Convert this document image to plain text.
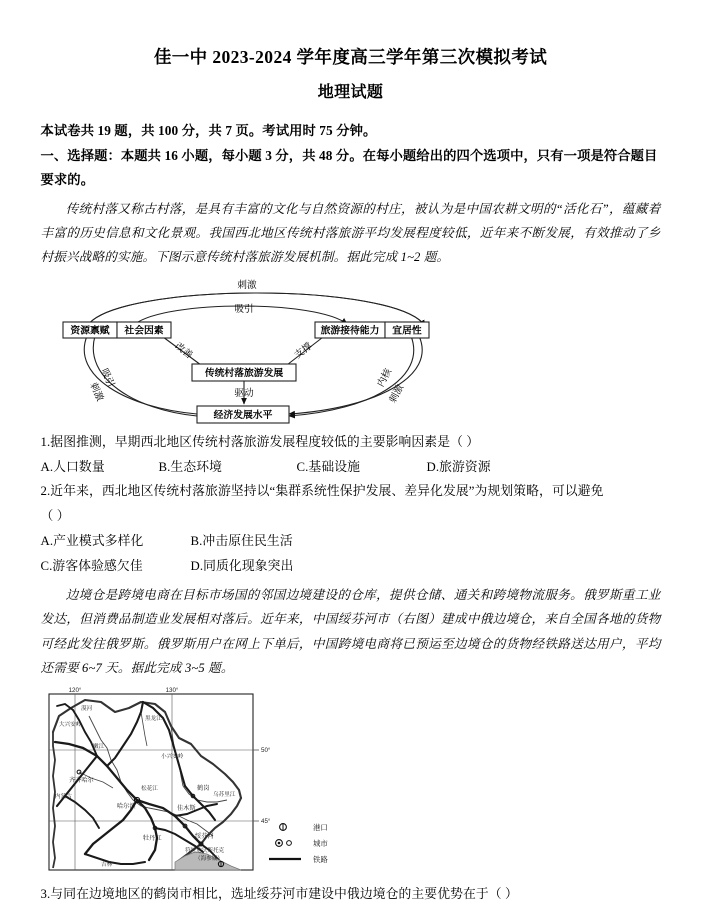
佳一中 2023-2024 学年度高三学年第三次模拟考试
地理试题
本试卷共 19 题，共 100 分，共 7 页。考试用时 75 分钟。
一、选择题：本题共 16 小题，每小题 3 分，共 48 分。在每小题给出的四个选项中，只有一项是符合题目要求的。
传统村落又称古村落，是具有丰富的文化与自然资源的村庄，被认为是中国农耕文明的“活化石”，蕴藏着丰富的历史信息和文化景观。我国西北地区传统村落旅游平均发展程度较低，近年来不断发展，有效推动了乡村振兴战略的实施。下图示意传统村落旅游发展机制。据此完成 1~2 题。
资源禀赋 社会因素	旅游接待能力 宜居性
传统村落旅游发展
经济发展水平
刺激
吸引
改善	支撑
驱动
吸引
刺激
内核
刺激
1.据图推测，早期西北地区传统村落旅游发展程度较低的主要影响因素是（ ）
A.人口数量	B.生态环境	C.基础设施	D.旅游资源
2.近年来，西北地区传统村落旅游坚持以“集群系统性保护发展、差异化发展”为规划策略，可以避免
（ ）
A.产业模式多样化	B.冲击原住民生活
C.游客体验感欠佳	D.同质化现象突出
边境仓是跨境电商在目标市场国的邻国边境建设的仓库，提供仓储、通关和跨境物流服务。俄罗斯重工业发达，但消费品制造业发展相对落后。近年来，中国绥芬河市（右图）建成中俄边境仓，来自全国各地的货物可经此发往俄罗斯。俄罗斯用户在网上下单后，中国跨境电商将已预运至边境仓的货物经铁路送达用户，平均还需要 6~7 天。据此完成 3~5 题。
120°	130°
50°
45°
漠河
黑龙江
齐齐哈尔
哈尔滨
牡丹江	绥芬河
鹤岗
佳木斯
符拉迪沃斯托克
（海参崴）
乌苏里江
松花江
嫩江
大兴安岭
小兴安岭
内蒙古
吉林
港口
城市
铁路
3.与同在边境地区的鹤岗市相比，选址绥芬河市建设中俄边境仓的主要优势在于（ ）
